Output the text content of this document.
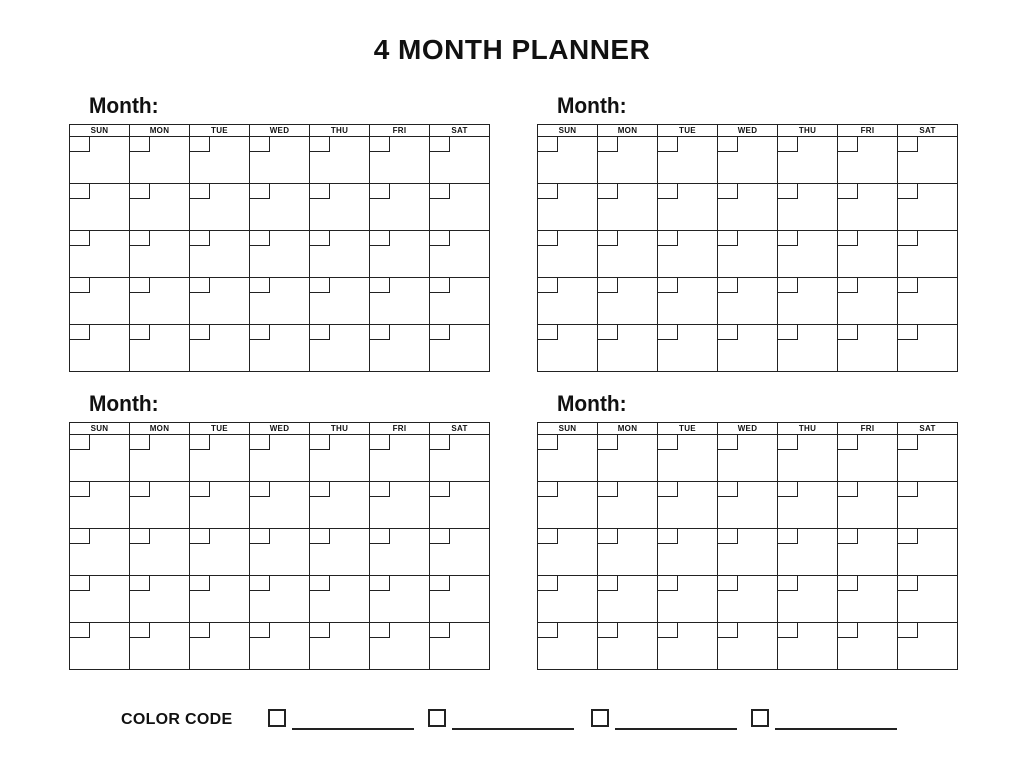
4 MONTH PLANNER
Month:
SUN	MON	TUE	WED	THU	FRI	SAT
Month:
SUN	MON	TUE	WED	THU	FRI	SAT
Month:
SUN	MON	TUE	WED	THU	FRI	SAT
Month:
SUN	MON	TUE	WED	THU	FRI	SAT
COLOR CODE
